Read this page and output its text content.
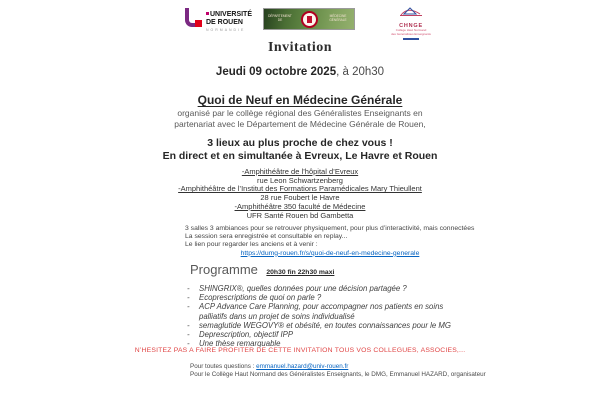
UNIVERSITÉ
DE ROUEN
NORMANDIE
DÉPARTEMENT DE
MÉDECINE GÉNÉRALE
CHNGE
Collège Haut Normand
des Généralistes Enseignants
Invitation
Jeudi 09 octobre 2025, à 20h30
Quoi de Neuf en Médecine Générale
organisé par le collège régional des Généralistes Enseignants en
partenariat avec le Département de Médecine Générale de Rouen,
3 lieux au plus proche de chez vous !
En direct et en simultanée à Evreux, Le Havre et Rouen
-Amphithéâtre de l’hôpital d’Evreux
rue Leon Schwartzenberg
-Amphithéâtre de l’Institut des Formations Paramédicales Mary Thieullent
28 rue Foubert le Havre
-Amphithéâtre 350 faculté de Médecine
UFR Santé Rouen bd Gambetta
3 salles 3 ambiances pour se retrouver physiquement, pour plus d’interactivité, mais connectées
La session sera enregistrée et consultable en replay...
Le lien pour regarder les anciens et à venir :
https://dumg-rouen.fr/s/quoi-de-neuf-en-medecine-generale
Programme 20h30 fin 22h30 maxi
- SHINGRIX®, quelles données pour une décision partagée ?
- Ecoprescriptions de quoi on parle ?
- ACP Advance Care Planning, pour accompagner nos patients en soins palliatifs dans un projet de soins individualisé
- semaglutide WEGOVY® et obésité, en toutes connaissances pour le MG
- Deprescription, objectif IPP
- Une thèse remarquable
N’HESITEZ PAS A FAIRE PROFITER DE CETTE INVITATION TOUS VOS COLLEGUES, ASSOCIES,...
Pour toutes questions : emmanuel.hazard@univ-rouen.fr
Pour le Collège Haut Normand des Généralistes Enseignants, le DMG, Emmanuel HAZARD, organisateur
